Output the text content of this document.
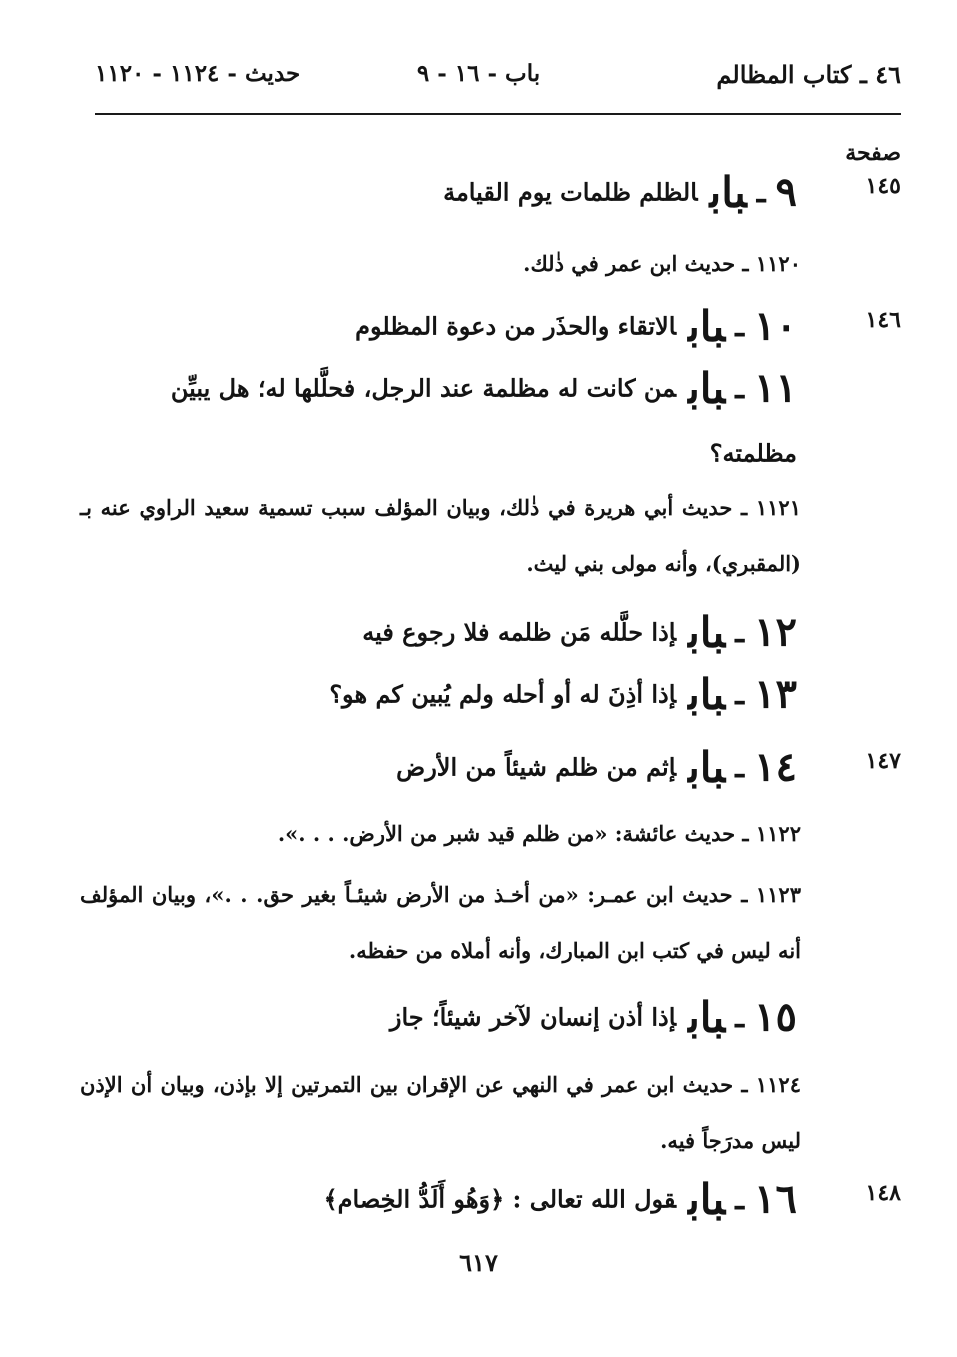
٤٦ ـ كتاب المظالم
باب - ١٦ - ٩
حديث - ١١٢٤ - ١١٢٠
صفحة
١٤٥
٩ـبابالظلم ظلمات يوم القيامة
١١٢٠ ـ حديث ابن عمر في ذٰلك.
١٤٦
١٠ـبابالاتقاء والحذَر من دعوة المظلوم
١١ـبابمن كانت له مظلمة عند الرجل، فحلَّلها له؛ هل يبيِّن مظلمته؟
١١٢١ ـ حديث أبي هريرة في ذٰلك، وبيان المؤلف سبب تسمية سعيد الراوي عنه بـ (المقبري)، وأنه مولى بني ليث.
١٢ـبابإذا حلَّله مَن ظلمه فلا رجوع فيه
١٣ـبابإذا أذِنَ له أو أحله ولم يُبين كم هو؟
١٤٧
١٤ـبابإثم من ظلم شيئاً من الأرض
١١٢٢ ـ حديث عائشة: «من ظلم قيد شبر من الأرض. . . .».
١١٢٣ ـ حديث ابن عمـر: «من أخـذ من الأرض شيئـاً بغير حق. . .»، وبيان المؤلف أنه ليس في كتب ابن المبارك، وأنه أملاه من حفظه.
١٥ـبابإذا أذن إنسان لآخر شيئاً؛ جاز
١١٢٤ ـ حديث ابن عمر في النهي عن الإقران بين التمرتين إلا بإذن، وبيان أن الإذن ليس مدرَجاً فيه.
١٤٨
١٦ـبابقول الله تعالى : ﴿وَهُو أَلَدُّ الخِصام﴾
٦١٧
